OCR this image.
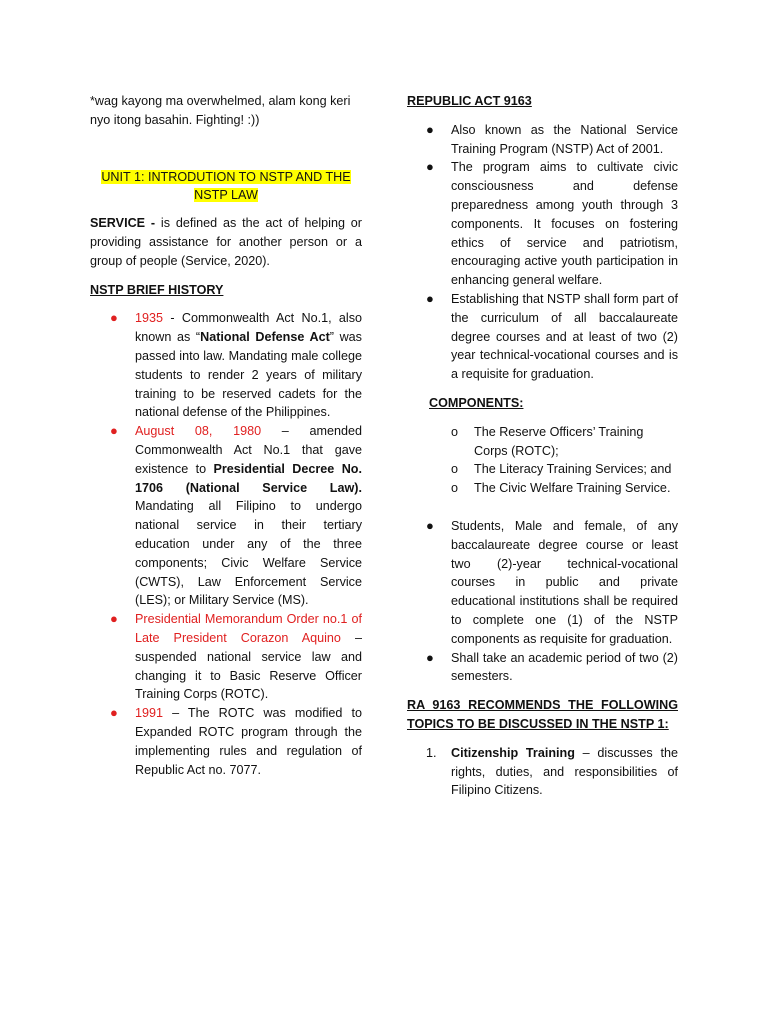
*wag kayong ma overwhelmed, alam kong keri nyo itong basahin. Fighting! :))

UNIT 1: INTRODUTION TO NSTP AND THE NSTP LAW

SERVICE - is defined as the act of helping or providing assistance for another person or a group of people (Service, 2020).

NSTP BRIEF HISTORY

● 1935 - Commonwealth Act No.1, also known as “National Defense Act” was passed into law. Mandating male college students to render 2 years of military training to be reserved cadets for the national defense of the Philippines.
● August 08, 1980 – amended Commonwealth Act No.1 that gave existence to Presidential Decree No. 1706 (National Service Law). Mandating all Filipino to undergo national service in their tertiary education under any of the three components; Civic Welfare Service (CWTS), Law Enforcement Service (LES); or Military Service (MS).
● Presidential Memorandum Order no.1 of Late President Corazon Aquino – suspended national service law and changing it to Basic Reserve Officer Training Corps (ROTC).
● 1991 – The ROTC was modified to Expanded ROTC program through the implementing rules and regulation of Republic Act no. 7077.

REPUBLIC ACT 9163

● Also known as the National Service Training Program (NSTP) Act of 2001.
● The program aims to cultivate civic consciousness and defense preparedness among youth through 3 components. It focuses on fostering ethics of service and patriotism, encouraging active youth participation in enhancing general welfare.
● Establishing that NSTP shall form part of the curriculum of all baccalaureate degree courses and at least of two (2) year technical-vocational courses and is a requisite for graduation.

COMPONENTS:

o The Reserve Officers’ Training Corps (ROTC);
o The Literacy Training Services; and
o The Civic Welfare Training Service.
● Students, Male and female, of any baccalaureate degree course or least two (2)-year technical-vocational courses in public and private educational institutions shall be required to complete one (1) of the NSTP components as requisite for graduation.
● Shall take an academic period of two (2) semesters.

RA 9163 RECOMMENDS THE FOLLOWING TOPICS TO BE DISCUSSED IN THE NSTP 1:

1. Citizenship Training – discusses the rights, duties, and responsibilities of Filipino Citizens.
